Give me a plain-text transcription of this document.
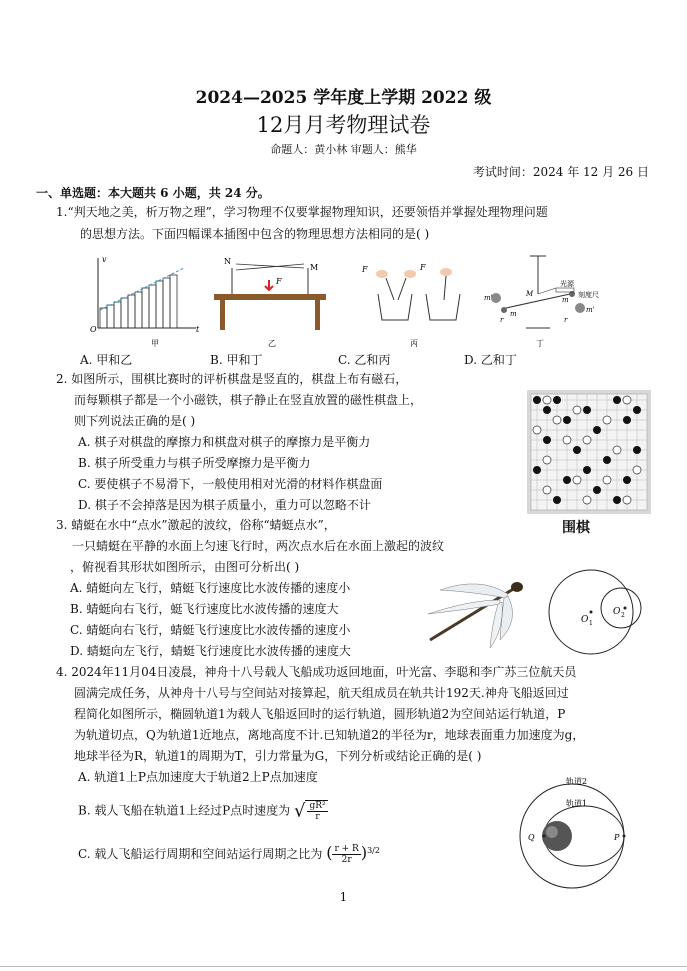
2024—2025 学年度上学期 2022 级
12月月考物理试卷
命题人：黄小林 审题人：熊华
考试时间：2024 年 12 月 26 日
一、单选题：本大题共 6 小题，共 24 分。
1.“判天地之美，析万物之理”，学习物理不仅要掌握物理知识，还要领悟并掌握处理物理问题
的思想方法。下面四幅课本插图中包含的物理思想方法相同的是( )
v
t
O
甲
N
M
F
乙
F	F
丙
光源
刻度尺
M
m'
m
m
m'
r	r
丁
A. 甲和乙	B. 甲和丁	C. 乙和丙	D. 乙和丁
2. 如图所示，围棋比赛时的评析棋盘是竖直的，棋盘上布有磁石，
而每颗棋子都是一个小磁铁，棋子静止在竖直放置的磁性棋盘上，
则下列说法正确的是( )
A. 棋子对棋盘的摩擦力和棋盘对棋子的摩擦力是平衡力
B. 棋子所受重力与棋子所受摩擦力是平衡力
C. 要使棋子不易滑下，一般使用相对光滑的材料作棋盘面
D. 棋子不会掉落是因为棋子质量小，重力可以忽略不计
围棋
3. 蜻蜓在水中“点水”激起的波纹，俗称“蜻蜓点水”，
一只蜻蜓在平静的水面上匀速飞行时，两次点水后在水面上激起的波纹
，俯视看其形状如图所示，由图可分析出( )
A. 蜻蜓向左飞行，蜻蜓飞行速度比水波传播的速度小
B. 蜻蜓向右飞行，蜓飞行速度比水波传播的速度大
C. 蜻蜓向右飞行，蜻蜓飞行速度比水波传播的速度小
D. 蜻蜓向左飞行，蜻蜓飞行速度比水波传播的速度大
O 1
O 2
4. 2024年11月04日凌晨，神舟十八号载人飞船成功返回地面，叶光富、李聪和李广苏三位航天员
圆满完成任务，从神舟十八号与空间站对接算起，航天组成员在轨共计192天.神舟飞船返回过
程简化如图所示，椭圆轨道1为载人飞船返回时的运行轨道，圆形轨道2为空间站运行轨道，P
为轨道切点，Q为轨道1近地点，离地高度不计.已知轨道2的半径为r，地球表面重力加速度为g，
地球半径为R，轨道1的周期为T，引力常量为G，下列分析或结论正确的是( )
A. 轨道1上P点加速度大于轨道2上P点加速度
B. 载人飞船在轨道1上经过P点时速度为 √ $\frac{\text{gR²}}{r}$
C. 载人飞船运行周期和空间站运行周期之比为 ( $\frac{r + R}{2r} )^{3/2}$
轨道2
轨道1
Q	P
1
